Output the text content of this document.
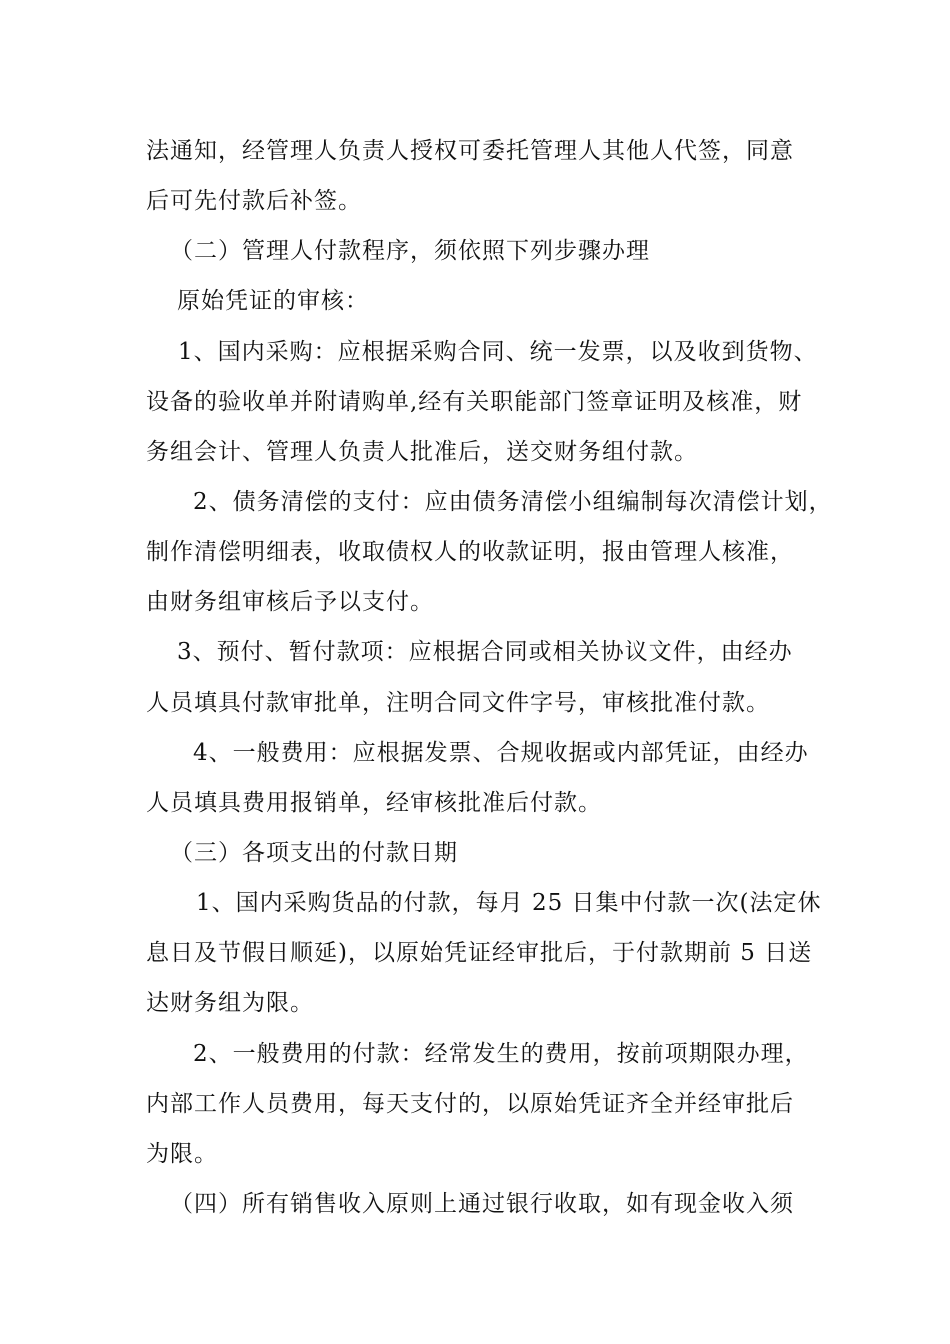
法通知，经管理人负责人授权可委托管理人其他人代签，同意
后可先付款后补签。
（二）管理人付款程序，须依照下列步骤办理
原始凭证的审核：
1、国内采购：应根据采购合同、统一发票，以及收到货物、
设备的验收单并附请购单,经有关职能部门签章证明及核准，财
务组会计、管理人负责人批准后，送交财务组付款。
2、债务清偿的支付：应由债务清偿小组编制每次清偿计划，
制作清偿明细表，收取债权人的收款证明，报由管理人核准，
由财务组审核后予以支付。
3、预付、暂付款项：应根据合同或相关协议文件，由经办
人员填具付款审批单，注明合同文件字号，审核批准付款。
4、一般费用：应根据发票、合规收据或内部凭证，由经办
人员填具费用报销单，经审核批准后付款。
（三）各项支出的付款日期
1、国内采购货品的付款，每月 25 日集中付款一次(法定休
息日及节假日顺延)，以原始凭证经审批后，于付款期前 5 日送
达财务组为限。
2、一般费用的付款：经常发生的费用，按前项期限办理，
内部工作人员费用，每天支付的，以原始凭证齐全并经审批后
为限。
（四）所有销售收入原则上通过银行收取，如有现金收入须
